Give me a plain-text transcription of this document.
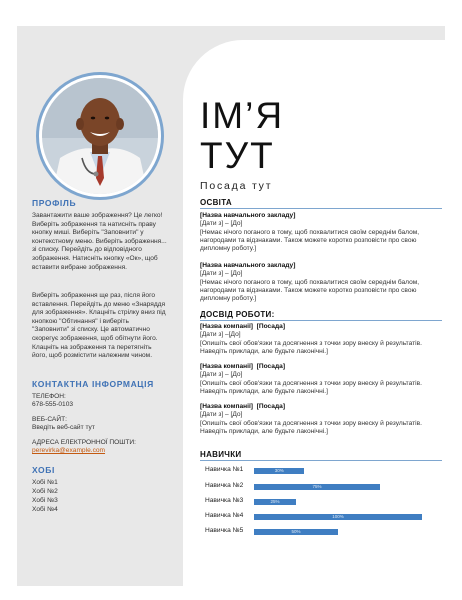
ПРОФІЛЬ
Завантажити ваше зображення? Це легко! Виберіть зображення та натисніть праву кнопку миші. Виберіть "Заповнити" у контекстному меню. Виберіть зображення... зі списку. Перейдіть до відповідного зображення. Натисніть кнопку «Ок», щоб вставити вибране зображення.
Виберіть зображення ще раз, після його вставлення. Перейдіть до меню «Знаряддя для зображення». Клацніть стрілку вниз під кнопкою "Обтинання" і виберіть "Заповнити" зі списку. Це автоматично скорегує зображення, щоб обітнути його. Клацніть на зображення та перетягніть його, щоб розмістити належним чином.
КОНТАКТНА ІНФОРМАЦІЯ
ТЕЛЕФОН:
678-555-0103
ВЕБ-САЙТ:
Введіть веб-сайт тут
АДРЕСА ЕЛЕКТРОННОЇ ПОШТИ:
perevirka@example.com
ХОБІ
Хобі №1
Хобі №2
Хобі №3
Хобі №4
ІМ’Я
ТУТ
Посада тут
ОСВІТА
[Назва навчального закладу]
[Дати з] – [До]
[Немає нічого поганого в тому, щоб похвалитися своїм середнім балом, нагородами та відзнаками. Також можете коротко розповісти про свою дипломну роботу.]
[Назва навчального закладу]
[Дати з] – [До]
[Немає нічого поганого в тому, щоб похвалитися своїм середнім балом, нагородами та відзнаками. Також можете коротко розповісти про свою дипломну роботу.]
ДОСВІД РОБОТИ:
[Назва компанії] [Посада]
[Дати з] –[До]
[Опишіть свої обов'язки та досягнення з точки зору внеску й результатів. Наведіть приклади, але будьте лаконічні.]
[Назва компанії] [Посада]
[Дати з] – [До]
[Опишіть свої обов'язки та досягнення з точки зору внеску й результатів. Наведіть приклади, але будьте лаконічні.]
[Назва компанії] [Посада]
[Дати з] – [До]
[Опишіть свої обов'язки та досягнення з точки зору внеску й результатів. Наведіть приклади, але будьте лаконічні.]
НАВИЧКИ
Навичка №1	30%
Навичка №2	75%
Навичка №3	25%
Навичка №4	100%
Навичка №5	50%
